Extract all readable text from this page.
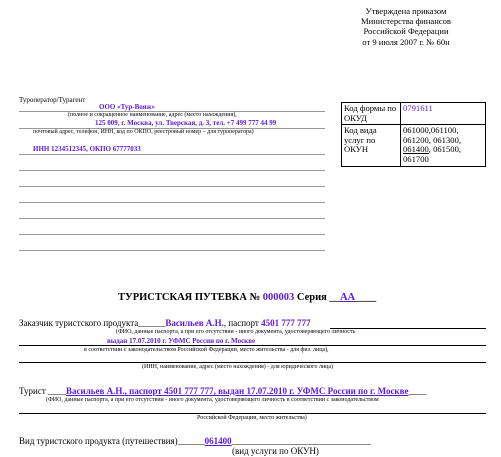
Утверждена приказом
Министерства финансов
Российской Федерации
от 9 июля 2007 г. № 60н
Туроператор/Турагент
ООО «Тур-Вояж»
(полное и сокращенное наименование, адрес (место нахождения),
125 009, г. Москва, ул. Тверская, д. 3, тел. +7 499 777 44 99
почтовый адрес, телефон, ИНН, код по ОКПО, реестровый номер – для туроператора)
ИНН 1234512345, ОКПО 67777033
Код формы по ОКУД	0791611
Код вида услуг по ОКУН	061000,061100,
061200, 061300,
061400, 061500,
061700
ТУРИСТСКАЯ ПУТЕВКА № 000003 Серия __АА____
Заказчик туристского продукта______Васильев А.Н., паспорт 4501 777 777
(ФИО, данные паспорта, а при его отсутствии - иного документа, удостоверяющего личность
выдан 17.07.2010 г. УФМС России по г. Москве
в соответствии с законодательством Российской Федерации, место жительства - для физ. лица),
(ИНН, наименование, адрес (место нахождения) - для юридического лица)
Турист ____Васильев А.Н., паспорт 4501 777 777, выдан 17.07.2010 г. УФМС России по г. Москве____
(ФИО, данные паспорта, а при его отсутствии - иного документа, удостоверяющего личность в соответствии с законодательством
Российской Федерации, место жительства)
Вид туристского продукта (путешествия)______061400_______________________________
(вид услуги по ОКУН)
